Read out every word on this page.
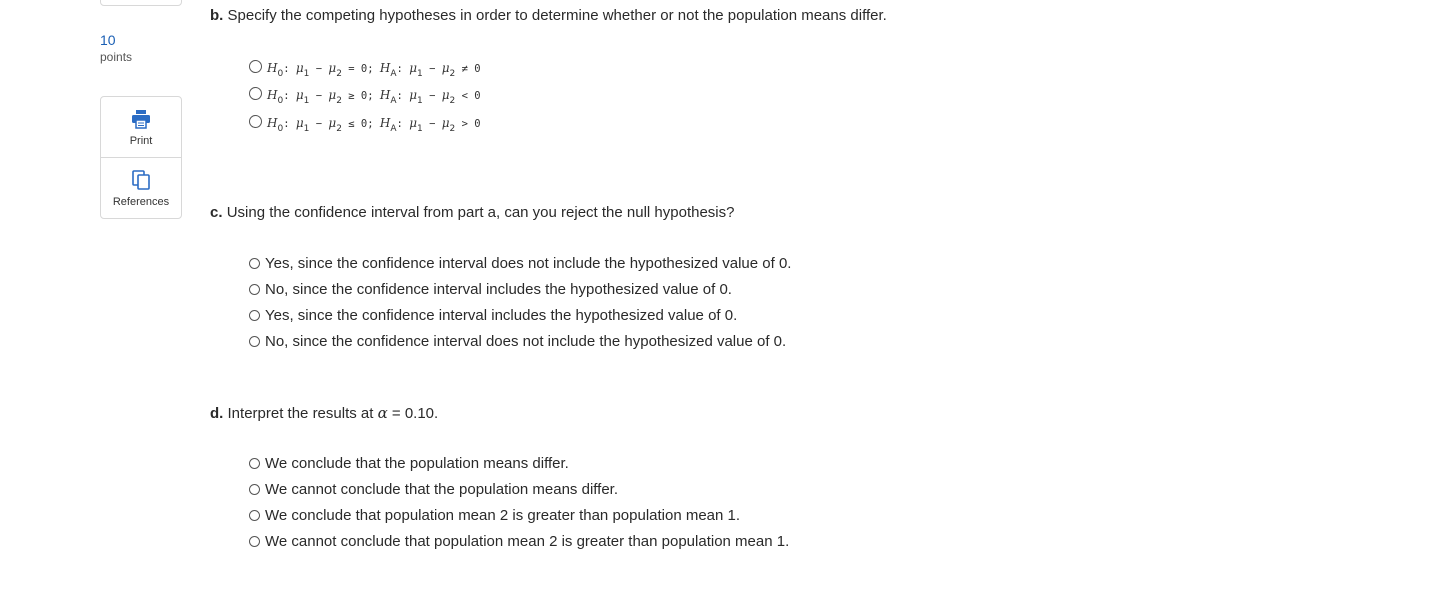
10
points
Print
References
b. Specify the competing hypotheses in order to determine whether or not the population means differ.
$H_0$: $\mu_1 - \mu_2 = 0$; $H_A$: $\mu_1 - \mu_2 \ne 0$
$H_0$: $\mu_1 - \mu_2 \ge 0$; $H_A$: $\mu_1 - \mu_2 < 0$
$H_0$: $\mu_1 - \mu_2 \le 0$; $H_A$: $\mu_1 - \mu_2 > 0$
c. Using the confidence interval from part a, can you reject the null hypothesis?
Yes, since the confidence interval does not include the hypothesized value of 0.
No, since the confidence interval includes the hypothesized value of 0.
Yes, since the confidence interval includes the hypothesized value of 0.
No, since the confidence interval does not include the hypothesized value of 0.
d. Interpret the results at α = 0.10.
We conclude that the population means differ.
We cannot conclude that the population means differ.
We conclude that population mean 2 is greater than population mean 1.
We cannot conclude that population mean 2 is greater than population mean 1.
